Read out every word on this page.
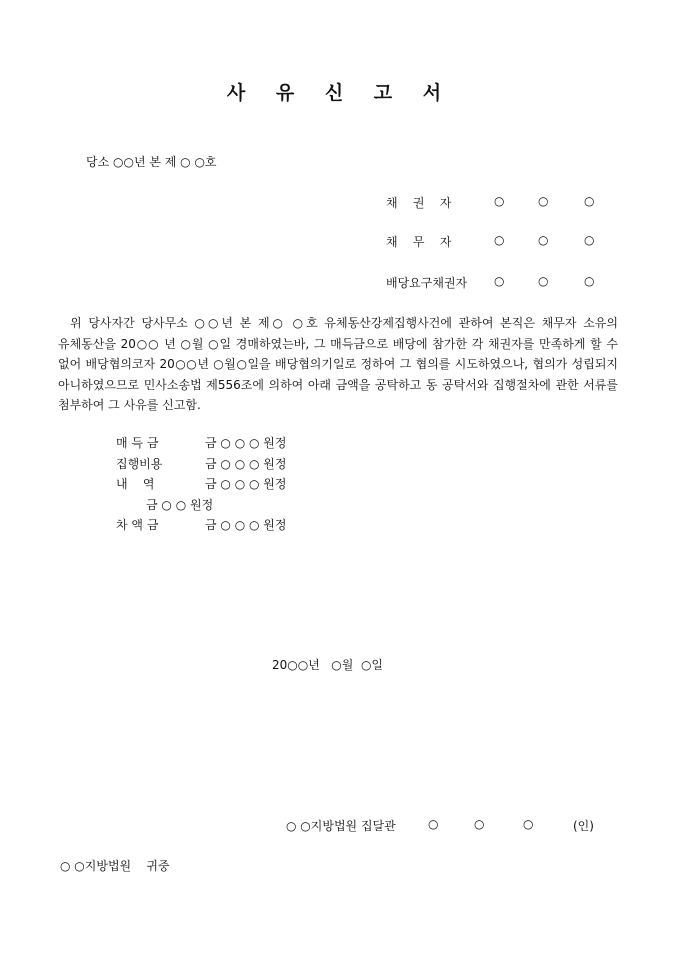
사 유 신 고 서
당소 ○○년 본 제 ○ ○호
채    권    자	○	○	○
채    무    자	○	○	○
배당요구채권자 ○	○	○
위 당사자간 당사무소 ○○년 본 제○ ○호 유체동산강제집행사건에 관하여 본직은 채무자 소유의 유체동산을 20○○ 년 ○월 ○일 경매하였는바, 그 매득금으로 배당에 참가한 각 채권자를 만족하게 할 수 없어 배당협의코자 20○○년 ○월○일을 배당협의기일로 정하여 그 협의를 시도하였으나, 협의가 성립되지 아니하였으므로 민사소송법 제556조에 의하여 아래 금액을 공탁하고 동 공탁서와 집행절차에 관한 서류를 첨부하여 그 사유를 신고함.
매 득 금	금 ○ ○ ○ 원정
집행비용	금 ○ ○ ○ 원정
내    역	금 ○ ○ ○ 원정
금 ○ ○ 원정
차 액 금	금 ○ ○ ○ 원정
20○○년   ○월  ○일
○ ○지방법원 집달관	○	○	○	(인)
○ ○지방법원    귀중
